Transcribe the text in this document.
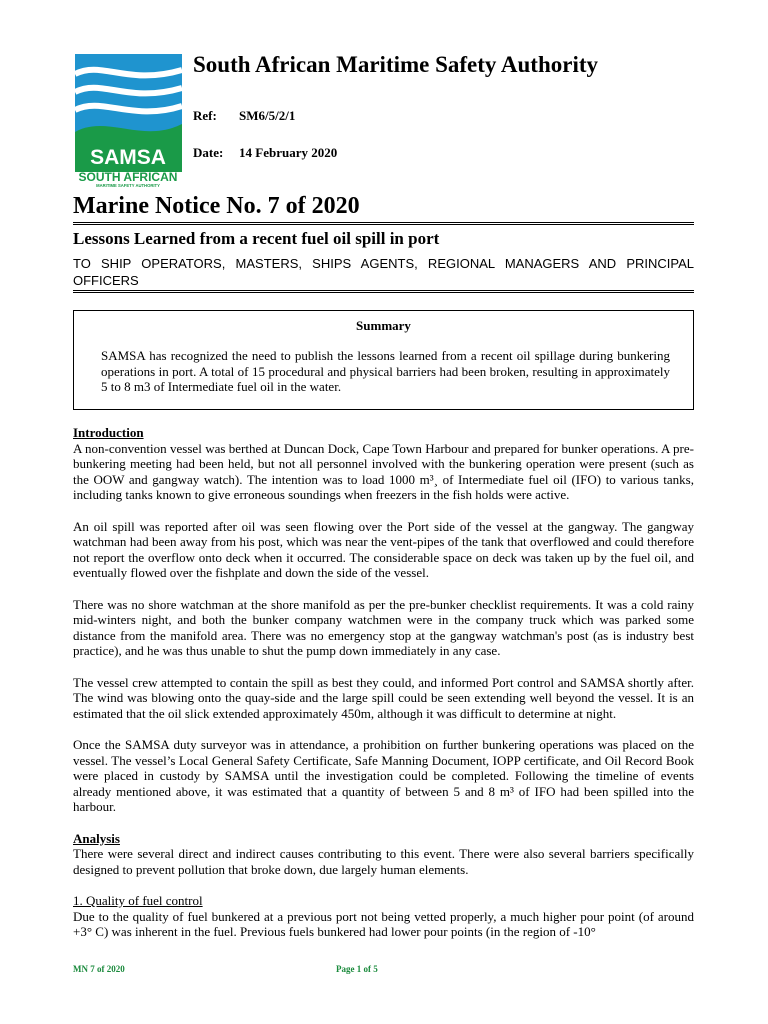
SAMSA
SOUTH AFRICAN
MARITIME SAFETY AUTHORITY
South African Maritime Safety Authority
Ref: SM6/5/2/1
Date: 14 February 2020
Marine Notice No. 7 of 2020
Lessons Learned from a recent fuel oil spill in port
TO SHIP OPERATORS, MASTERS, SHIPS AGENTS, REGIONAL MANAGERS AND PRINCIPAL OFFICERS
Summary
SAMSA has recognized the need to publish the lessons learned from a recent oil spillage during bunkering operations in port. A total of 15 procedural and physical barriers had been broken, resulting in approximately 5 to 8 m3 of Intermediate fuel oil in the water.
Introduction

A non-convention vessel was berthed at Duncan Dock, Cape Town Harbour and prepared for bunker operations. A pre-bunkering meeting had been held, but not all personnel involved with the bunkering operation were present (such as the OOW and gangway watch). The intention was to load 1000 m³¸ of Intermediate fuel oil (IFO) to various tanks, including tanks known to give erroneous soundings when freezers in the fish holds were active.

An oil spill was reported after oil was seen flowing over the Port side of the vessel at the gangway. The gangway watchman had been away from his post, which was near the vent-pipes of the tank that overflowed and could therefore not report the overflow onto deck when it occurred. The considerable space on deck was taken up by the fuel oil, and eventually flowed over the fishplate and down the side of the vessel.

There was no shore watchman at the shore manifold as per the pre-bunker checklist requirements. It was a cold rainy mid-winters night, and both the bunker company watchmen were in the company truck which was parked some distance from the manifold area. There was no emergency stop at the gangway watchman's post (as is industry best practice), and he was thus unable to shut the pump down immediately in any case.

The vessel crew attempted to contain the spill as best they could, and informed Port control and SAMSA shortly after. The wind was blowing onto the quay-side and the large spill could be seen extending well beyond the vessel. It is an estimated that the oil slick extended approximately 450m, although it was difficult to determine at night.

Once the SAMSA duty surveyor was in attendance, a prohibition on further bunkering operations was placed on the vessel. The vessel’s Local General Safety Certificate, Safe Manning Document, IOPP certificate, and Oil Record Book were placed in custody by SAMSA until the investigation could be completed. Following the timeline of events already mentioned above, it was estimated that a quantity of between 5 and 8 m³ of IFO had been spilled into the harbour.

Analysis

There were several direct and indirect causes contributing to this event. There were also several barriers specifically designed to prevent pollution that broke down, due largely human elements.

1. Quality of fuel control

Due to the quality of fuel bunkered at a previous port not being vetted properly, a much higher pour point (of around +3° C) was inherent in the fuel. Previous fuels bunkered had lower pour points (in the region of -10°

MN 7 of 2020	Page 1 of 5
